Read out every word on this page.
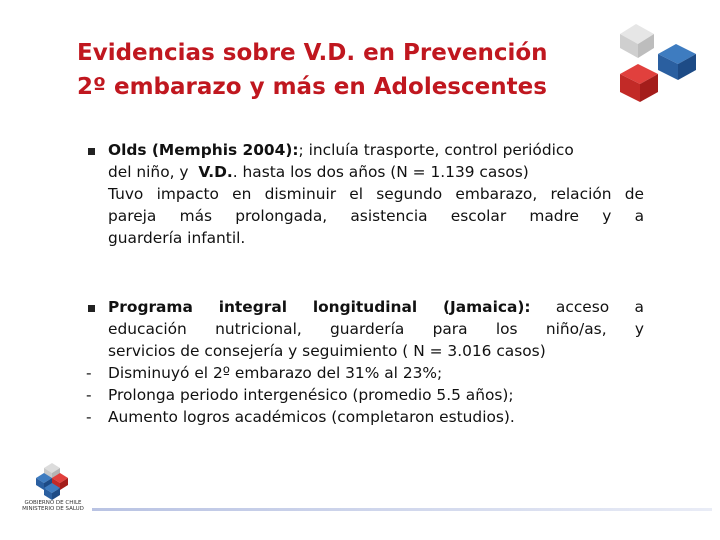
Evidencias sobre V.D. en Prevención
2º embarazo y más en Adolescentes
Olds (Memphis 2004):; incluía trasporte, control periódico
del niño, y V.D.. hasta los dos años (N = 1.139 casos)
Tuvo impacto en disminuir el segundo embarazo, relación de
pareja más prolongada, asistencia escolar madre y a
guardería infantil.
Programa integral longitudinal (Jamaica): acceso a
educación nutricional, guardería para los niño/as, y
servicios de consejería y seguimiento ( N = 3.016 casos)
-	Disminuyó el 2º embarazo del 31% al 23%;
-	Prolonga periodo intergenésico (promedio 5.5 años);
-	Aumento logros académicos (completaron estudios).
GOBIERNO DE CHILE
MINISTERIO DE SALUD
